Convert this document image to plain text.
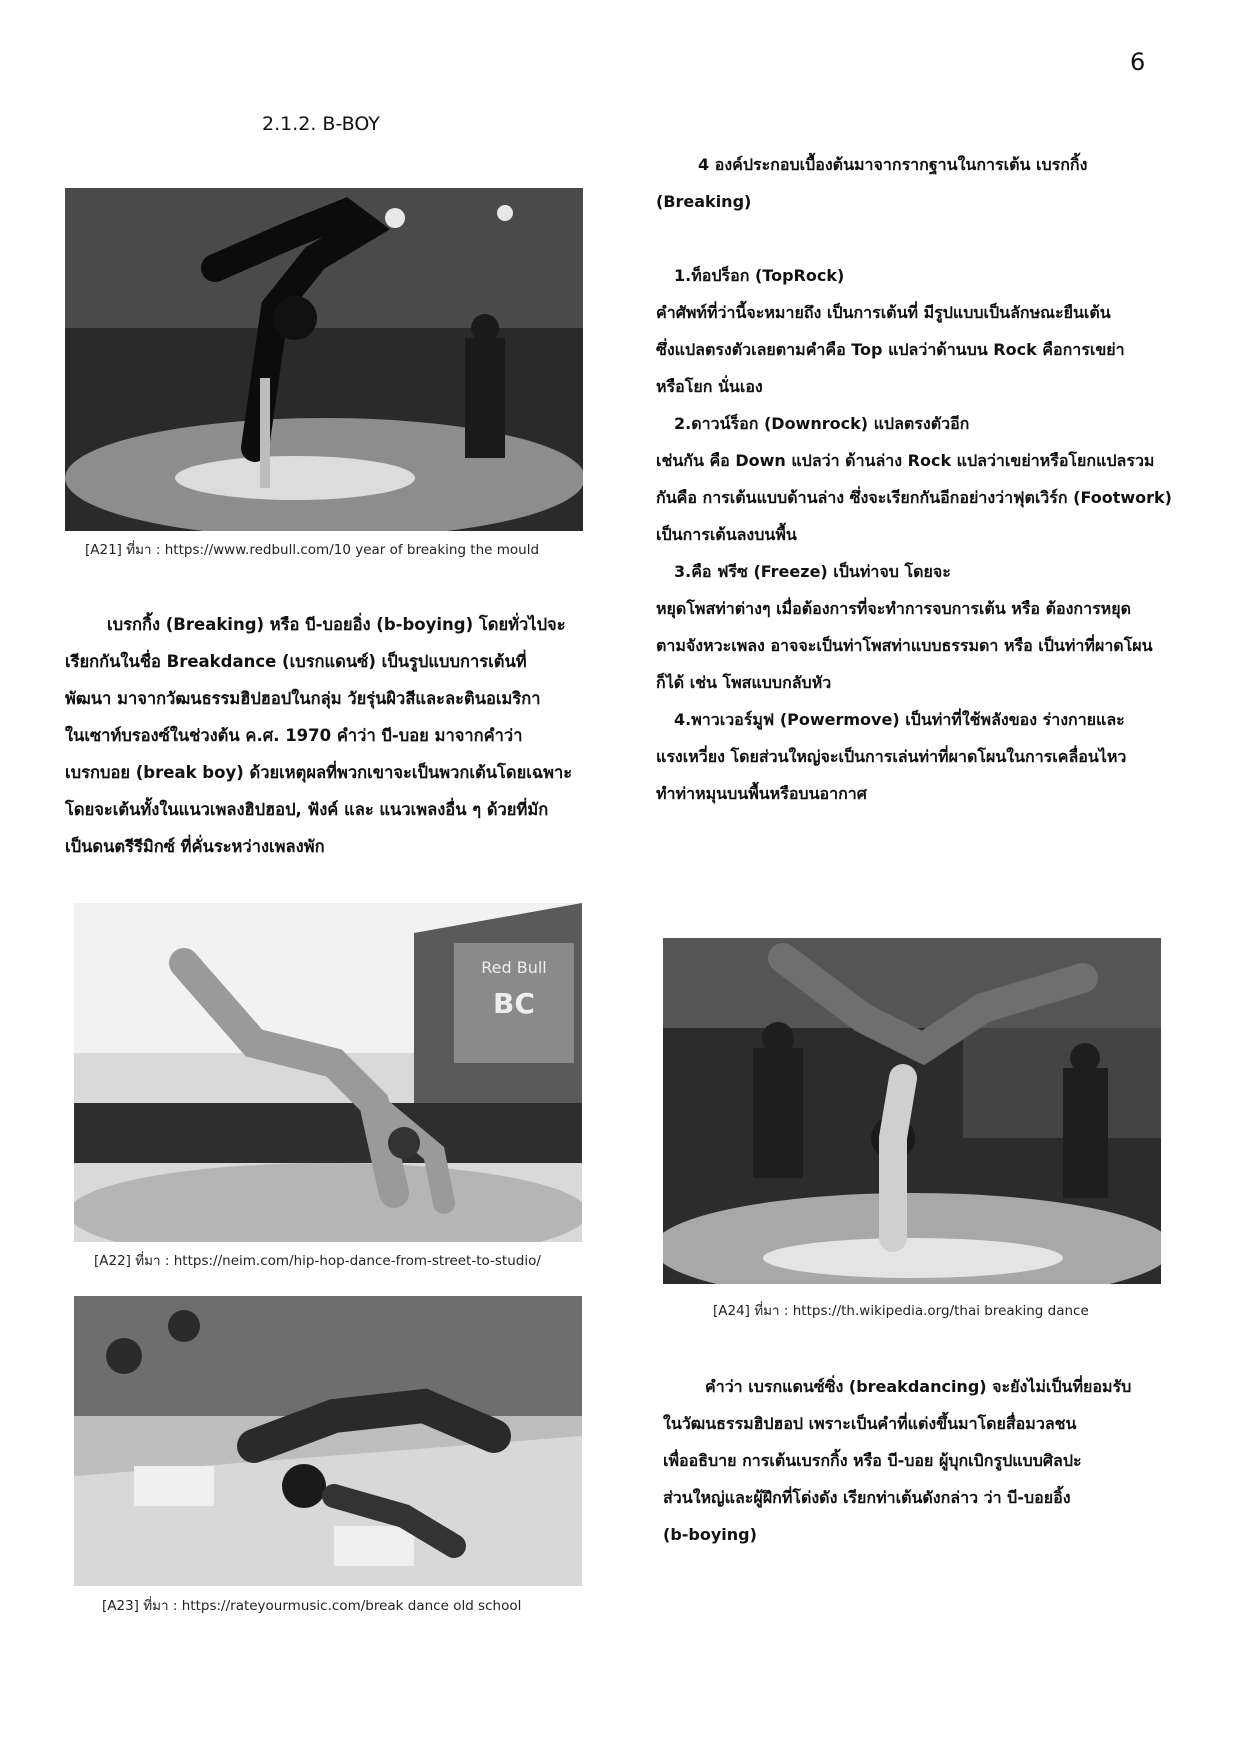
6
2.1.2. B-BOY
[A21] ที่มา : https://www.redbull.com/10 year of breaking the mould

เบรกกิ้ง (Breaking) หรือ บี-บอยอิ่ง (b-boying) โดยทั่วไปจะ
เรียกกันในชื่อ Breakdance (เบรกแดนซ์) เป็นรูปแบบการเต้นที่
พัฒนา มาจากวัฒนธรรมฮิปฮอปในกลุ่ม วัยรุ่นผิวสีและละตินอเมริกา
ในเซาท์บรองซ์ในช่วงต้น ค.ศ. 1970 คำว่า บี-บอย มาจากคำว่า
เบรกบอย (break boy) ด้วยเหตุผลที่พวกเขาจะเป็นพวกเต้นโดยเฉพาะ
โดยจะเต้นทั้งในแนวเพลงฮิปฮอป, ฟังค์ และ แนวเพลงอื่น ๆ ด้วยที่มัก
เป็นดนตรีรีมิกซ์ ที่คั่นระหว่างเพลงพัก

4 องค์ประกอบเบื้องต้นมาจากรากฐานในการเต้น เบรกกิ้ง
(Breaking)
1.ท็อปร็อก (TopRock)
คำศัพท์ที่ว่านี้จะหมายถึง เป็นการเต้นที่ มีรูปแบบเป็นลักษณะยืนเต้น
ซึ่งแปลตรงตัวเลยตามคำคือ Top แปลว่าด้านบน Rock คือการเขย่า
หรือโยก นั่นเอง
2.ดาวน์ร็อก (Downrock) แปลตรงตัวอีก
เช่นกัน คือ Down แปลว่า ด้านล่าง Rock แปลว่าเขย่าหรือโยกแปลรวม
กันคือ การเต้นแบบด้านล่าง ซึ่งจะเรียกกันอีกอย่างว่าฟุตเวิร์ก (Footwork)
เป็นการเต้นลงบนพื้น
3.คือ ฟรีซ (Freeze) เป็นท่าจบ โดยจะ
หยุดโพสท่าต่างๆ เมื่อต้องการที่จะทำการจบการเต้น หรือ ต้องการหยุด
ตามจังหวะเพลง อาจจะเป็นท่าโพสท่าแบบธรรมดา หรือ เป็นท่าที่ผาดโผน
ก็ได้ เช่น โพสแบบกลับหัว
4.พาวเวอร์มูฟ (Powermove) เป็นท่าที่ใช้พลังของ ร่างกายและ
แรงเหวี่ยง โดยส่วนใหญ่จะเป็นการเล่นท่าที่ผาดโผนในการเคลื่อนไหว
ทำท่าหมุนบนพื้นหรือบนอากาศ

Red Bull
BC
[A22] ที่มา : https://neim.com/hip-hop-dance-from-street-to-studio/
[A23] ที่มา : https://rateyourmusic.com/break dance old school
[A24] ที่มา : https://th.wikipedia.org/thai breaking dance

คำว่า เบรกแดนซ์ซิ่ง (breakdancing) จะยังไม่เป็นที่ยอมรับ
ในวัฒนธรรมฮิปฮอป เพราะเป็นคำที่แต่งขึ้นมาโดยสื่อมวลชน
เพื่ออธิบาย การเต้นเบรกกิ้ง หรือ บี-บอย ผู้บุกเบิกรูปแบบศิลปะ
ส่วนใหญ่และผู้ฝึกที่โด่งดัง เรียกท่าเต้นดังกล่าว ว่า บี-บอยอิ้ง
(b-boying)
